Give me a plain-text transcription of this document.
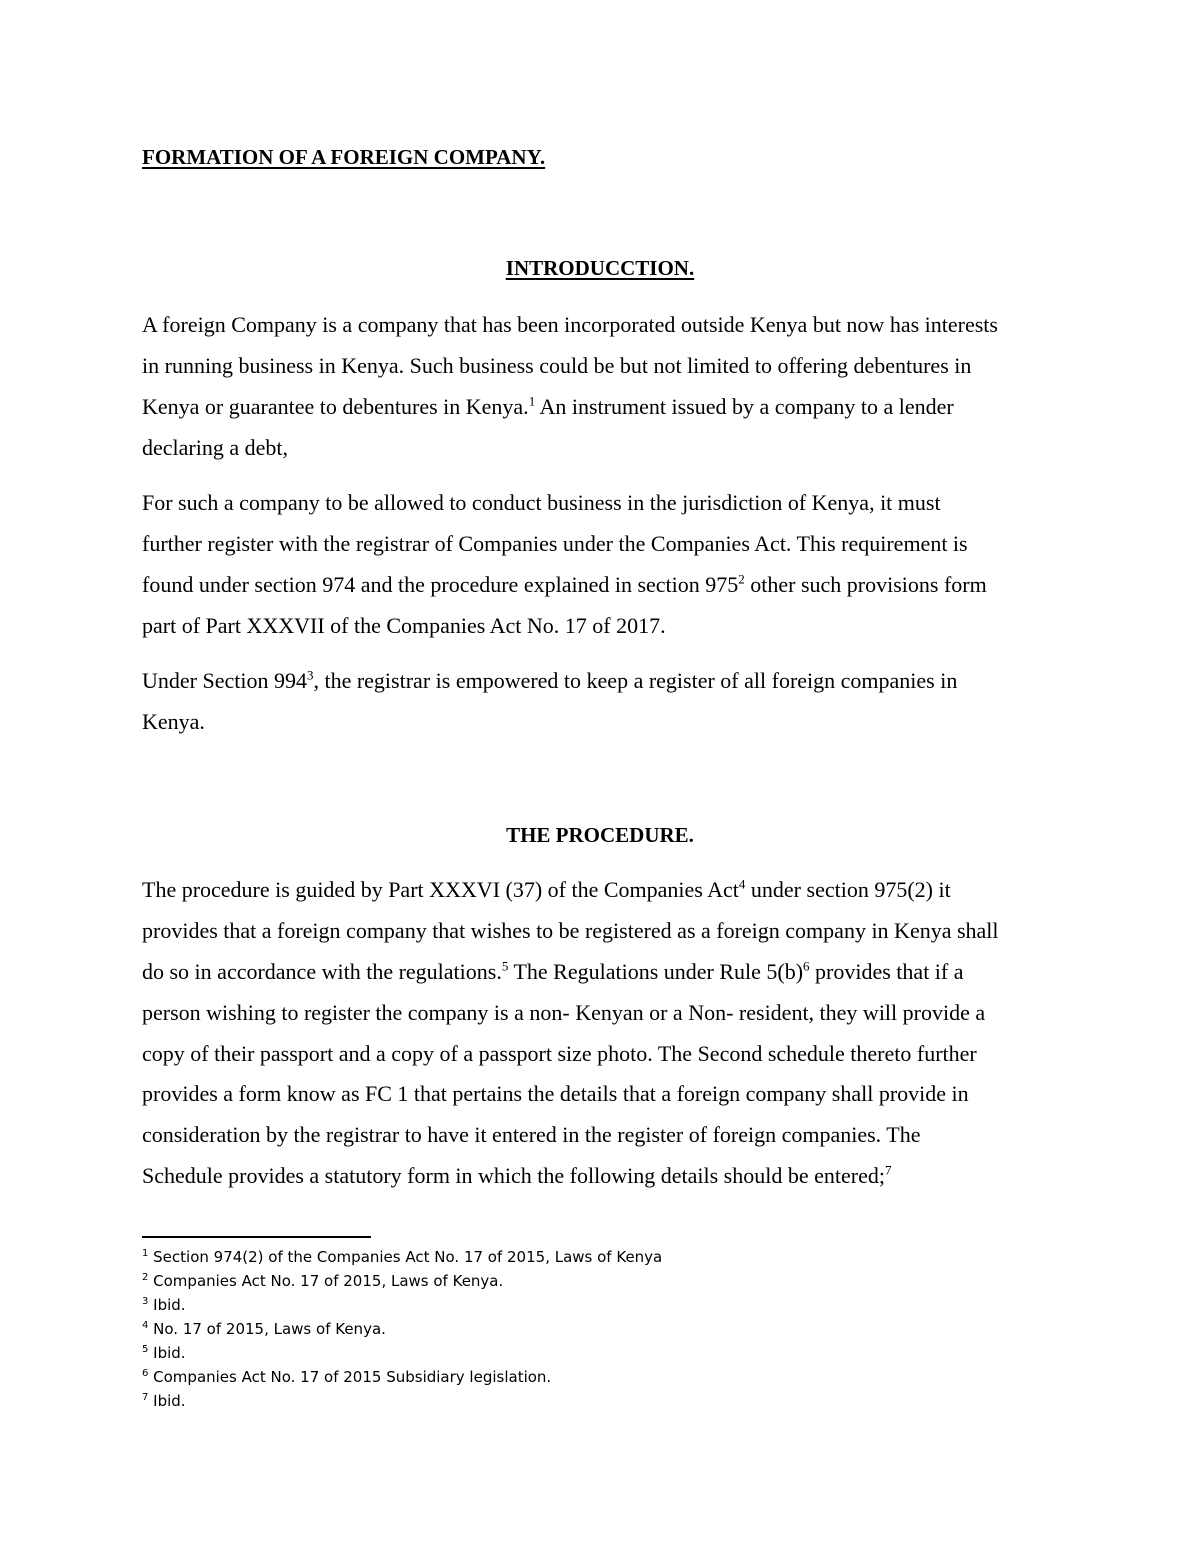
FORMATION OF A FOREIGN COMPANY.
INTRODUCCTION.
A foreign Company is a company that has been incorporated outside Kenya but now has interests
in running business in Kenya. Such business could be but not limited to offering debentures in
Kenya or guarantee to debentures in Kenya.$^1$ An instrument issued by a company to a lender
declaring a debt,
For such a company to be allowed to conduct business in the jurisdiction of Kenya, it must
further register with the registrar of Companies under the Companies Act. This requirement is
found under section 974 and the procedure explained in section $975^2$ other such provisions form
part of Part XXXVII of the Companies Act No. 17 of 2017.
Under Section $994^3$, the registrar is empowered to keep a register of all foreign companies in
Kenya.
THE PROCEDURE.
The procedure is guided by Part XXXVI (37) of the Companies Act$^4$ under section 975(2) it
provides that a foreign company that wishes to be registered as a foreign company in Kenya shall
do so in accordance with the regulations.$^5$ The Regulations under Rule $5(b)^6$ provides that if a
person wishing to register the company is a non- Kenyan or a Non- resident, they will provide a
copy of their passport and a copy of a passport size photo. The Second schedule thereto further
provides a form know as FC 1 that pertains the details that a foreign company shall provide in
consideration by the registrar to have it entered in the register of foreign companies. The
Schedule provides a statutory form in which the following details should be entered;$^7$
$^1$ Section 974(2) of the Companies Act No. 17 of 2015, Laws of Kenya
$^2$ Companies Act No. 17 of 2015, Laws of Kenya.
$^3$ Ibid.
$^4$ No. 17 of 2015, Laws of Kenya.
$^5$ Ibid.
$^6$ Companies Act No. 17 of 2015 Subsidiary legislation.
$^7$ Ibid.
